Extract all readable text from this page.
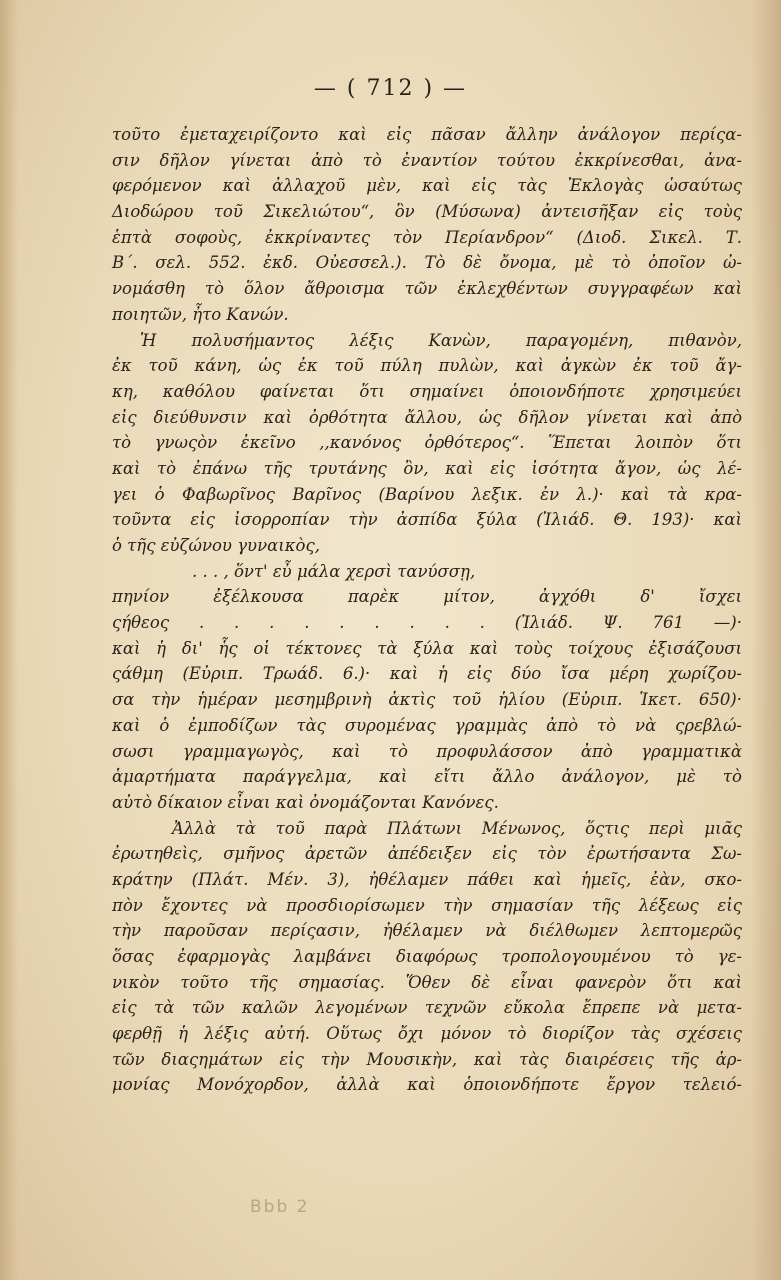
— ( 712 ) —
τοῦτο ἐμεταχειρίζοντο καὶ εἰς πᾶσαν ἄλλην ἀνάλογον περίςα-
σιν δῆλον γίνεται ἀπὸ τὸ ἐναντίον τούτου ἐκκρίνεσθαι, ἀνα-
φερόμενον καὶ ἀλλαχοῦ μὲν, καὶ εἰς τὰς Ἐκλογὰς ὡσαύτως
Διοδώρου τοῦ Σικελιώτου“, ὃν (Μύσωνα) ἀντεισῆξαν εἰς τοὺς
ἑπτὰ σοφοὺς, ἐκκρίναντες τὸν Περίανδρον“ (Διοδ. Σικελ. Τ.
Β΄. σελ. 552. ἐκδ. Οὐεσσελ.). Τὸ δὲ ὄνομα, μὲ τὸ ὁποῖον ὠ-
νομάσθη τὸ ὅλον ἄθροισμα τῶν ἐκλεχθέντων συγγραφέων καὶ
ποιητῶν, ἦτο Κανών.
Ἡ πολυσήμαντος λέξις Κανὼν, παραγομένη, πιθανὸν,
ἐκ τοῦ κάνη, ὡς ἐκ τοῦ πύλη πυλὼν, καὶ ἀγκὼν ἐκ τοῦ ἄγ-
κη, καθόλου φαίνεται ὅτι σημαίνει ὁποιονδήποτε χρησιμεύει
εἰς διεύθυνσιν καὶ ὀρθότητα ἄλλου, ὡς δῆλον γίνεται καὶ ἀπὸ
τὸ γνωςὸν ἐκεῖνο ,,κανόνος ὀρθότερος“. Ἕπεται λοιπὸν ὅτι
καὶ τὸ ἐπάνω τῆς τρυτάνης ὂν, καὶ εἰς ἰσότητα ἄγον, ὡς λέ-
γει ὁ Φαβωρῖνος Βαρῖνος (Βαρίνου λεξικ. ἐν λ.)· καὶ τὰ κρα-
τοῦντα εἰς ἰσορροπίαν τὴν ἀσπίδα ξύλα (Ἰλιάδ. Θ. 193)· καὶ
ὁ τῆς εὐζώνου γυναικὸς,
. . . , ὅντ' εὖ μάλα χερσὶ τανύσσῃ,
πηνίον ἐξέλκουσα παρὲκ μίτον, ἀγχόθι δ' ἴσχει
ςήθεος . . . . . . . . . (Ἰλιάδ. Ψ. 761 —)·
καὶ ἡ δι' ἧς οἱ τέκτονες τὰ ξύλα καὶ τοὺς τοίχους ἐξισάζουσι
ςάθμη (Εὐριπ. Τρωάδ. 6.)· καὶ ἡ εἰς δύο ἴσα μέρη χωρίζου-
σα τὴν ἡμέραν μεσημβρινὴ ἀκτὶς τοῦ ἡλίου (Εὐριπ. Ἱκετ. 650)·
καὶ ὁ ἐμποδίζων τὰς συρομένας γραμμὰς ἀπὸ τὸ νὰ ςρεβλώ-
σωσι γραμμαγωγὸς, καὶ τὸ προφυλάσσον ἀπὸ γραμματικὰ
ἁμαρτήματα παράγγελμα, καὶ εἴτι ἄλλο ἀνάλογον, μὲ τὸ
αὐτὸ δίκαιον εἶναι καὶ ὀνομάζονται Κανόνες.
Ἀλλὰ τὰ τοῦ παρὰ Πλάτωνι Μένωνος, ὅςτις περὶ μιᾶς
ἐρωτηθεὶς, σμῆνος ἀρετῶν ἀπέδειξεν εἰς τὸν ἐρωτήσαντα Σω-
κράτην (Πλάτ. Μέν. 3), ἠθέλαμεν πάθει καὶ ἡμεῖς, ἐὰν, σκο-
πὸν ἔχοντες νὰ προσδιορίσωμεν τὴν σημασίαν τῆς λέξεως εἰς
τὴν παροῦσαν περίςασιν, ἠθέλαμεν νὰ διέλθωμεν λεπτομερῶς
ὅσας ἐφαρμογὰς λαμβάνει διαφόρως τροπολογουμένου τὸ γε-
νικὸν τοῦτο τῆς σημασίας. Ὅθεν δὲ εἶναι φανερὸν ὅτι καὶ
εἰς τὰ τῶν καλῶν λεγομένων τεχνῶν εὔκολα ἔπρεπε νὰ μετα-
φερθῇ ἡ λέξις αὐτή. Οὕτως ὄχι μόνον τὸ διορίζον τὰς σχέσεις
τῶν διαςημάτων εἰς τὴν Μουσικὴν, καὶ τὰς διαιρέσεις τῆς ἁρ-
μονίας Μονόχορδον, ἀλλὰ καὶ ὁποιονδήποτε ἔργον τελειό-
Bbb 2
